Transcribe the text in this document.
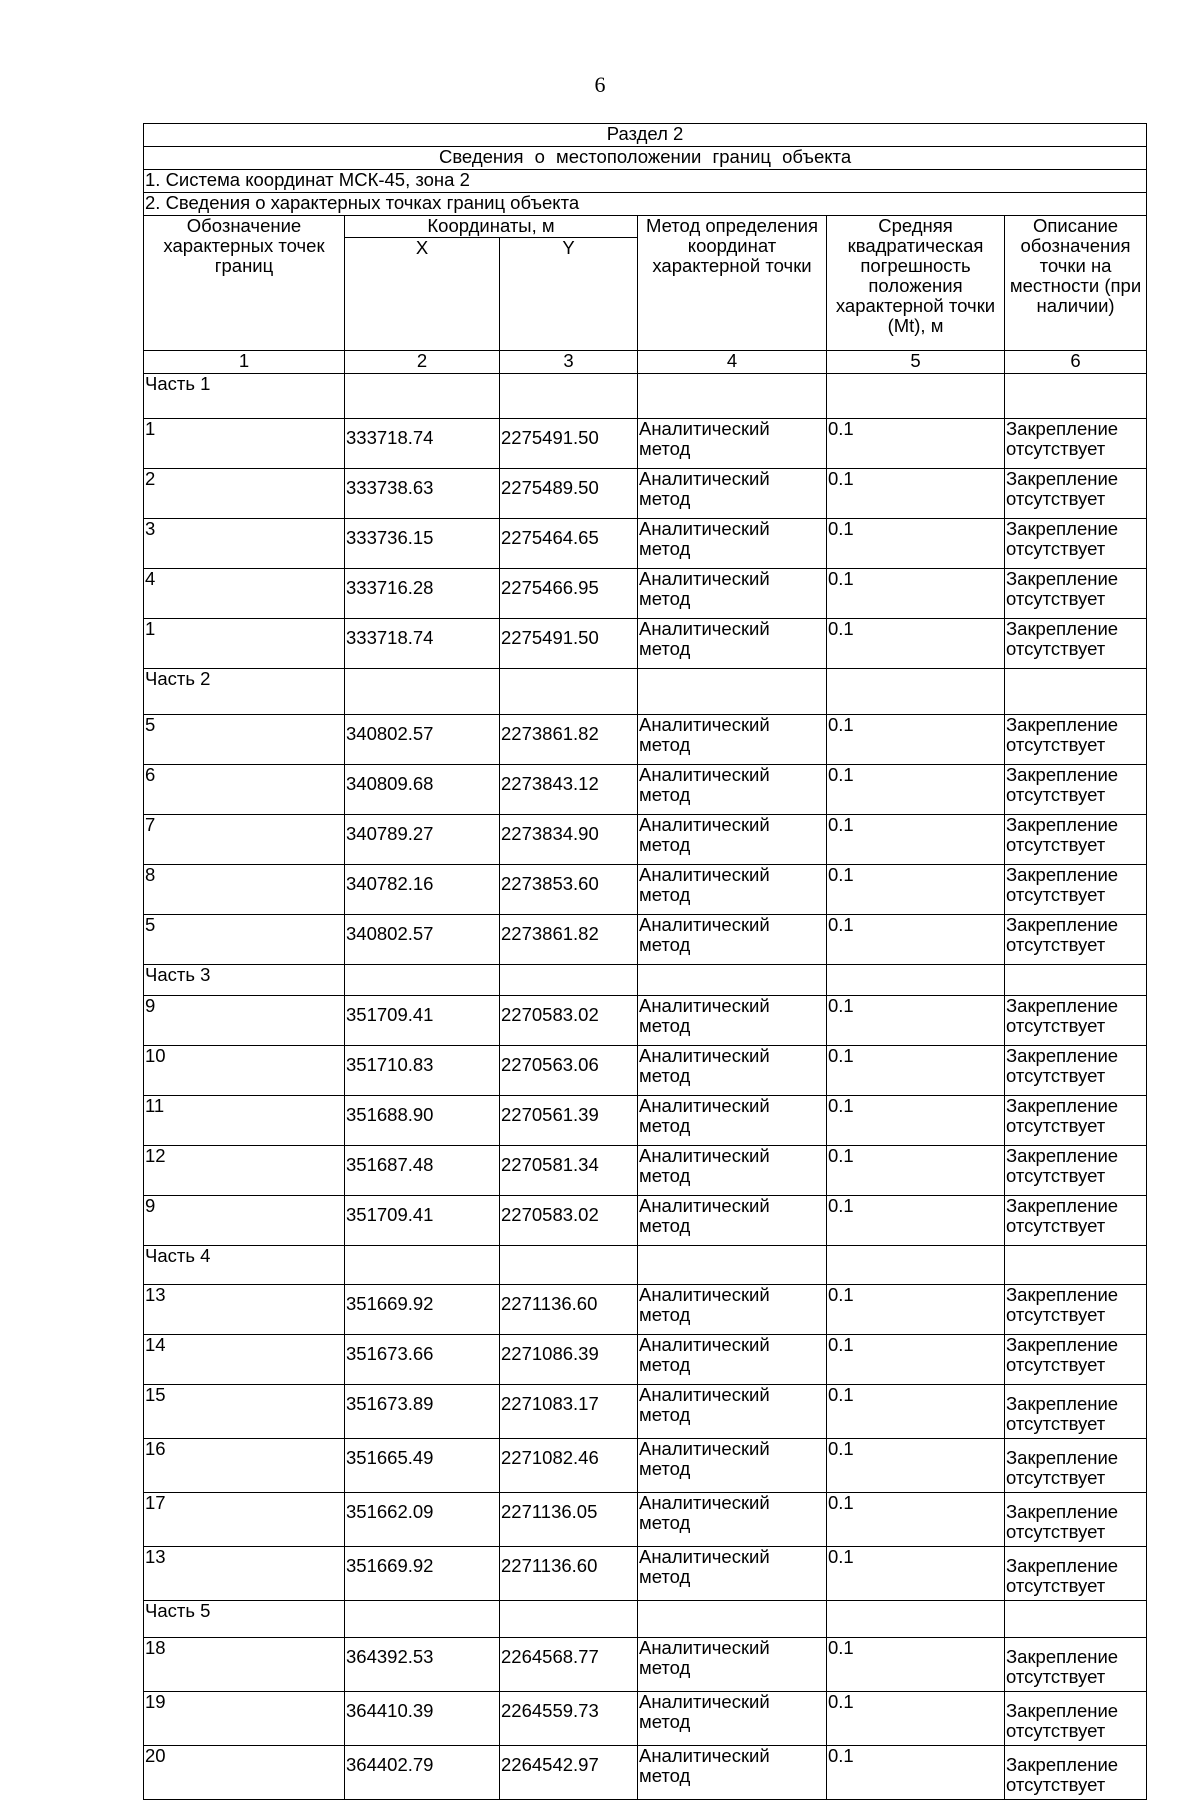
6
Раздел 2					
Сведения о местоположении границ объекта					
1. Система координат МСК-45, зона 2					
2. Сведения о характерных точках границ объекта					
Обозначение характерных точек границ	Координаты, м		Метод определения координат характерной точки	Средняя квадратическая погрешность положения характерной точки (Mt), м	Описание обозначения точки на местности (при наличии)
	X	Y			
1	2	3	4	5	6
Часть 1					
1	333718.74	2275491.50	Аналитический метод	0.1	Закрепление отсутствует
2	333738.63	2275489.50	Аналитический метод	0.1	Закрепление отсутствует
3	333736.15	2275464.65	Аналитический метод	0.1	Закрепление отсутствует
4	333716.28	2275466.95	Аналитический метод	0.1	Закрепление отсутствует
1	333718.74	2275491.50	Аналитический метод	0.1	Закрепление отсутствует
Часть 2					
5	340802.57	2273861.82	Аналитический метод	0.1	Закрепление отсутствует
6	340809.68	2273843.12	Аналитический метод	0.1	Закрепление отсутствует
7	340789.27	2273834.90	Аналитический метод	0.1	Закрепление отсутствует
8	340782.16	2273853.60	Аналитический метод	0.1	Закрепление отсутствует
5	340802.57	2273861.82	Аналитический метод	0.1	Закрепление отсутствует
Часть 3					
9	351709.41	2270583.02	Аналитический метод	0.1	Закрепление отсутствует
10	351710.83	2270563.06	Аналитический метод	0.1	Закрепление отсутствует
11	351688.90	2270561.39	Аналитический метод	0.1	Закрепление отсутствует
12	351687.48	2270581.34	Аналитический метод	0.1	Закрепление отсутствует
9	351709.41	2270583.02	Аналитический метод	0.1	Закрепление отсутствует
Часть 4					
13	351669.92	2271136.60	Аналитический метод	0.1	Закрепление отсутствует
14	351673.66	2271086.39	Аналитический метод	0.1	Закрепление отсутствует
15	351673.89	2271083.17	Аналитический метод	0.1	Закрепление отсутствует
16	351665.49	2271082.46	Аналитический метод	0.1	Закрепление отсутствует
17	351662.09	2271136.05	Аналитический метод	0.1	Закрепление отсутствует
13	351669.92	2271136.60	Аналитический метод	0.1	Закрепление отсутствует
Часть 5					
18	364392.53	2264568.77	Аналитический метод	0.1	Закрепление отсутствует
19	364410.39	2264559.73	Аналитический метод	0.1	Закрепление отсутствует
20	364402.79	2264542.97	Аналитический метод	0.1	Закрепление отсутствует
